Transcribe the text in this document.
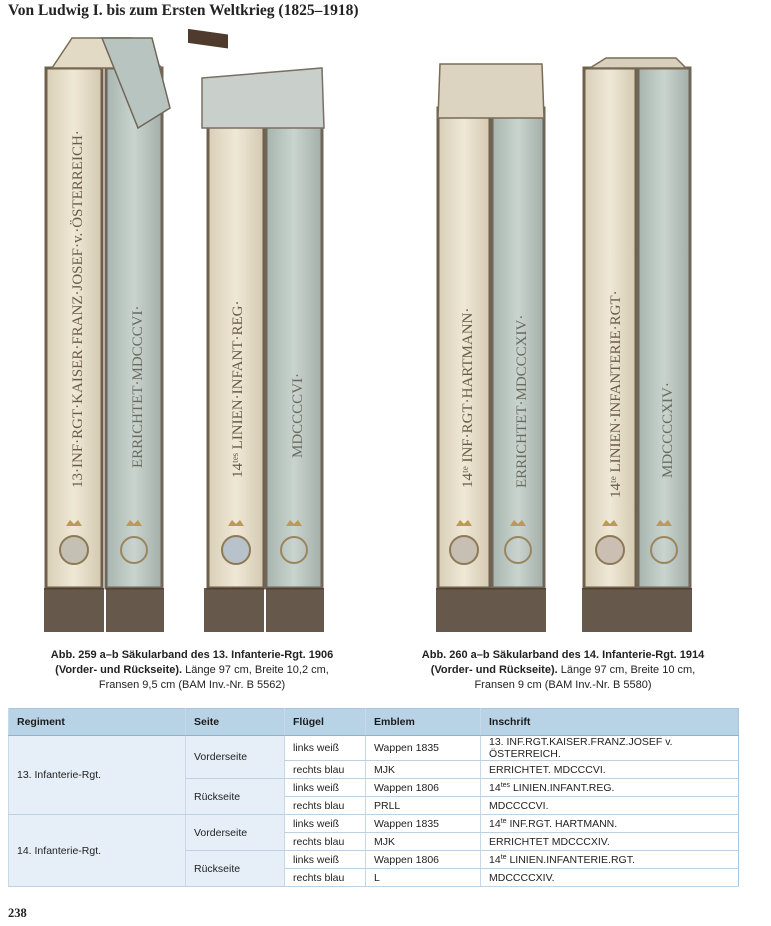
Von Ludwig I. bis zum Ersten Weltkrieg (1825–1918)
13·INF·RGT·KAISER·FRANZ·JOSEF·v.·ÖSTERREICH·	ERRICHTET·MDCCCVI·	14ᵗᵉˢ LINIEN·INFANT·REG·	MDCCCCVI·	14ᵗᵉ INF·RGT·HARTMANN·	ERRICHTET·MDCCCXIV·	14ᵗᵉ LINIEN·INFANTERIE·RGT· MDCCCCXIV·
Abb. 259 a–b Säkularband des 13. Infanterie-Rgt. 1906 (Vorder- und Rückseite). Länge 97 cm, Breite 10,2 cm, Fransen 9,5 cm (BAM Inv.-Nr. B 5562)
Abb. 260 a–b Säkularband des 14. Infanterie-Rgt. 1914 (Vorder- und Rückseite). Länge 97 cm, Breite 10 cm, Fransen 9 cm (BAM Inv.-Nr. B 5580)
Regiment	Seite	Flügel	Emblem	Inschrift
13. Infanterie-Rgt.	Vorderseite	links weiß	Wappen 1835	13. INF.RGT.KAISER.FRANZ.JOSEF v. ÖSTERREICH.
		rechts blau	MJK	ERRICHTET. MDCCCVI.
	Rückseite	links weiß	Wappen 1806	$14^{tes}$ LINIEN.INFANT.REG.
		rechts blau	PRLL	MDCCCCVI.
14. Infanterie-Rgt.	Vorderseite	links weiß	Wappen 1835	$14^{te}$ INF.RGT. HARTMANN.
		rechts blau	MJK	ERRICHTET MDCCCXIV.
	Rückseite	links weiß	Wappen 1806	$14^{te}$ LINIEN.INFANTERIE.RGT.
		rechts blau	L	MDCCCCXIV.
238
